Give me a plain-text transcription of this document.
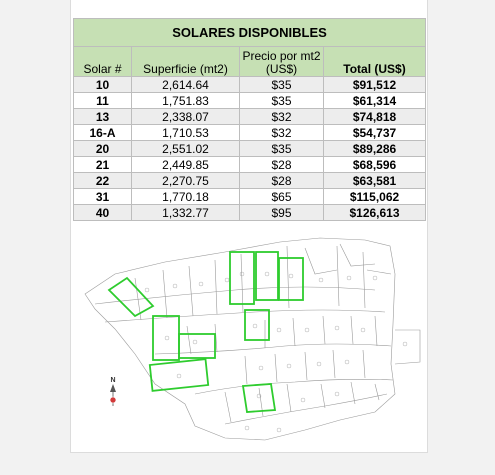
SOLARES DISPONIBLES			
Solar #	Superficie (mt2)	Precio por mt2 (US$)	Total (US$)
10	2,614.64	$35	$91,512
11	1,751.83	$35	$61,314
13	2,338.07	$32	$74,818
16-A	1,710.53	$32	$54,737
20	2,551.02	$35	$89,286
21	2,449.85	$28	$68,596
22	2,270.75	$28	$63,581
31	1,770.18	$65	$115,062
40	1,332.77	$95	$126,613
N
